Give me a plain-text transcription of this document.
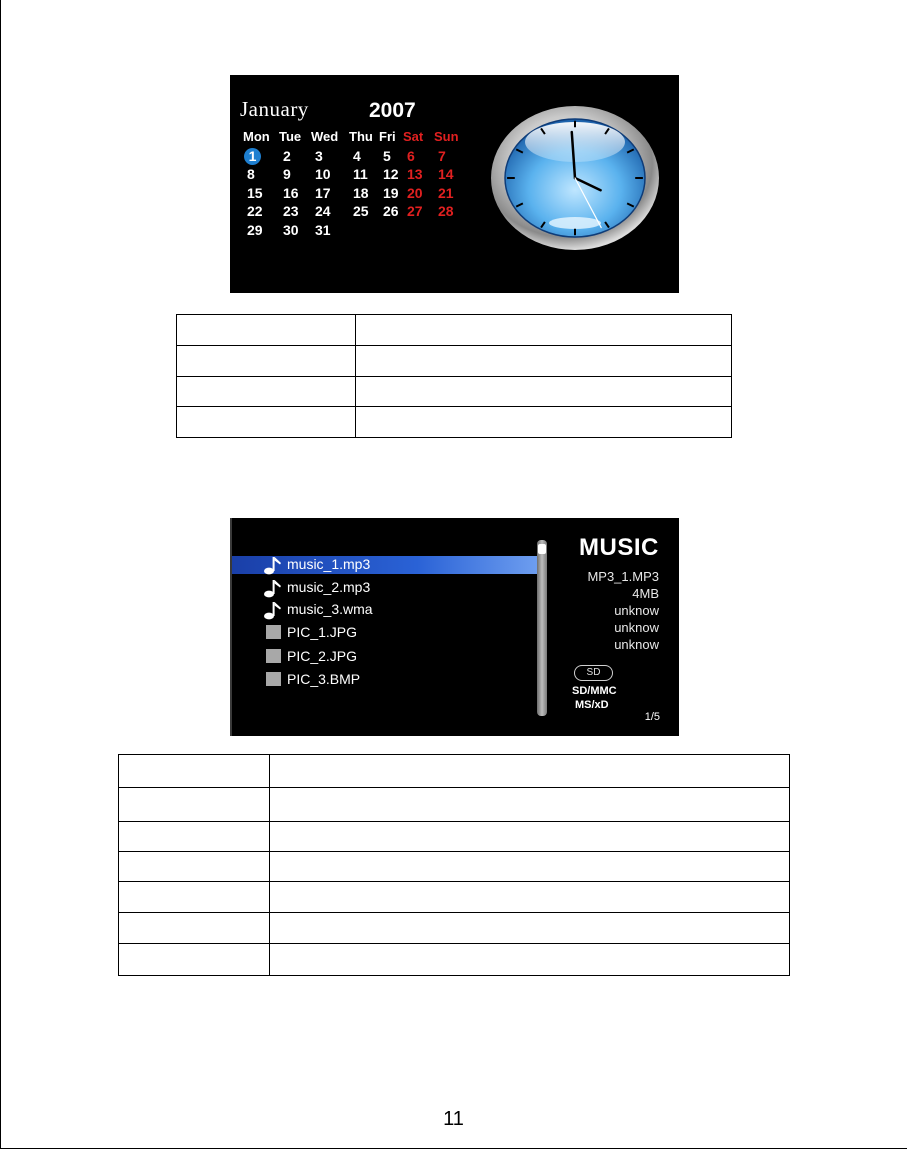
January	2007
Mon Tue Wed Thu Fri Sat Sun
1	2	3	4	5	6	7
8	9	10	11	12 13	14
15	16	17	18	19 20	21
22	23	24	25	26 27	28
29	30	31

music_1.mp3
music_2.mp3
music_3.wma
PIC_1.JPG
PIC_2.JPG
PIC_3.BMP
MUSIC
MP3_1.MP3
4MB
unknow
unknow
unknow
SD
SD/MMC
MS/xD
1/5

11
